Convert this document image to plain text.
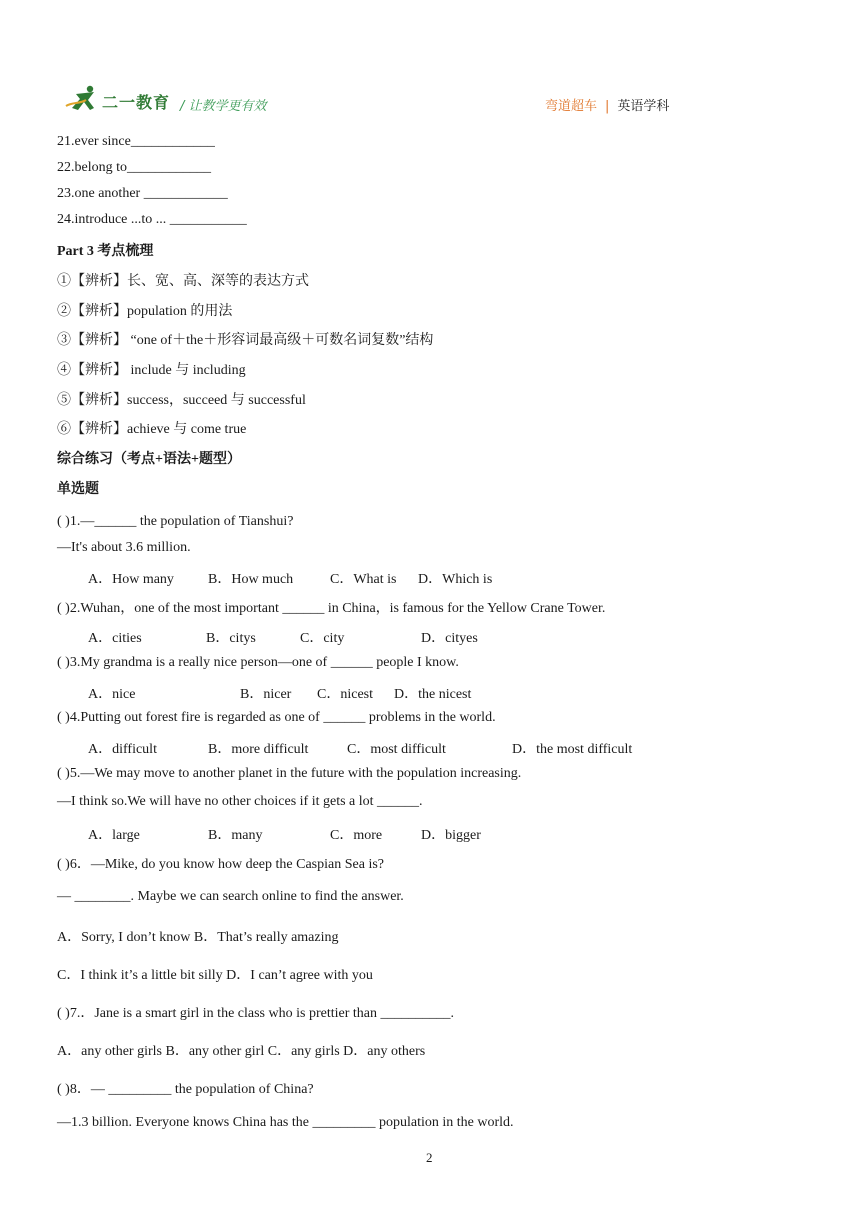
二一教育 / 让教学更有效	弯道超车 | 英语学科
21.ever since____________
22.belong to____________
23.one another ____________
24.introduce ...to ... ___________
Part 3 考点梳理
①【辨析】长、宽、高、深等的表达方式
②【辨析】population 的用法
③【辨析】 “one of＋the＋形容词最高级＋可数名词复数”结构
④【辨析】 include 与 including
⑤【辨析】success，succeed 与 successful
⑥【辨析】achieve 与 come true
综合练习（考点+语法+题型）
单选题
( )1.—______ the population of Tianshui?
—It's about 3.6 million.
A．How many B．How much	C．What is D．Which is
( )2.Wuhan，one of the most important ______ in China，is famous for the Yellow Crane Tower.
A．cities	B．citys	C．city	D．cityes
( )3.My grandma is a really nice person—one of ______ people I know.
A．nice	B．nicer C．nicest D．the nicest
( )4.Putting out forest fire is regarded as one of ______ problems in the world.
A．difficult	B．more difficult	C．most difficult	D．the most difficult
( )5.—We may move to another planet in the future with the population increasing.
—I think so.We will have no other choices if it gets a lot ______.
A．large	B．many	C．more	D．bigger
( )6．—Mike, do you know how deep the Caspian Sea is?
— ________. Maybe we can search online to find the answer.
A．Sorry, I don’t know B．That’s really amazing
C．I think it’s a little bit silly D．I can’t agree with you
( )7.．Jane is a smart girl in the class who is prettier than __________.
A．any other girls B．any other girl C．any girls D．any others
( )8．— _________ the population of China?
—1.3 billion. Everyone knows China has the _________ population in the world.
2
